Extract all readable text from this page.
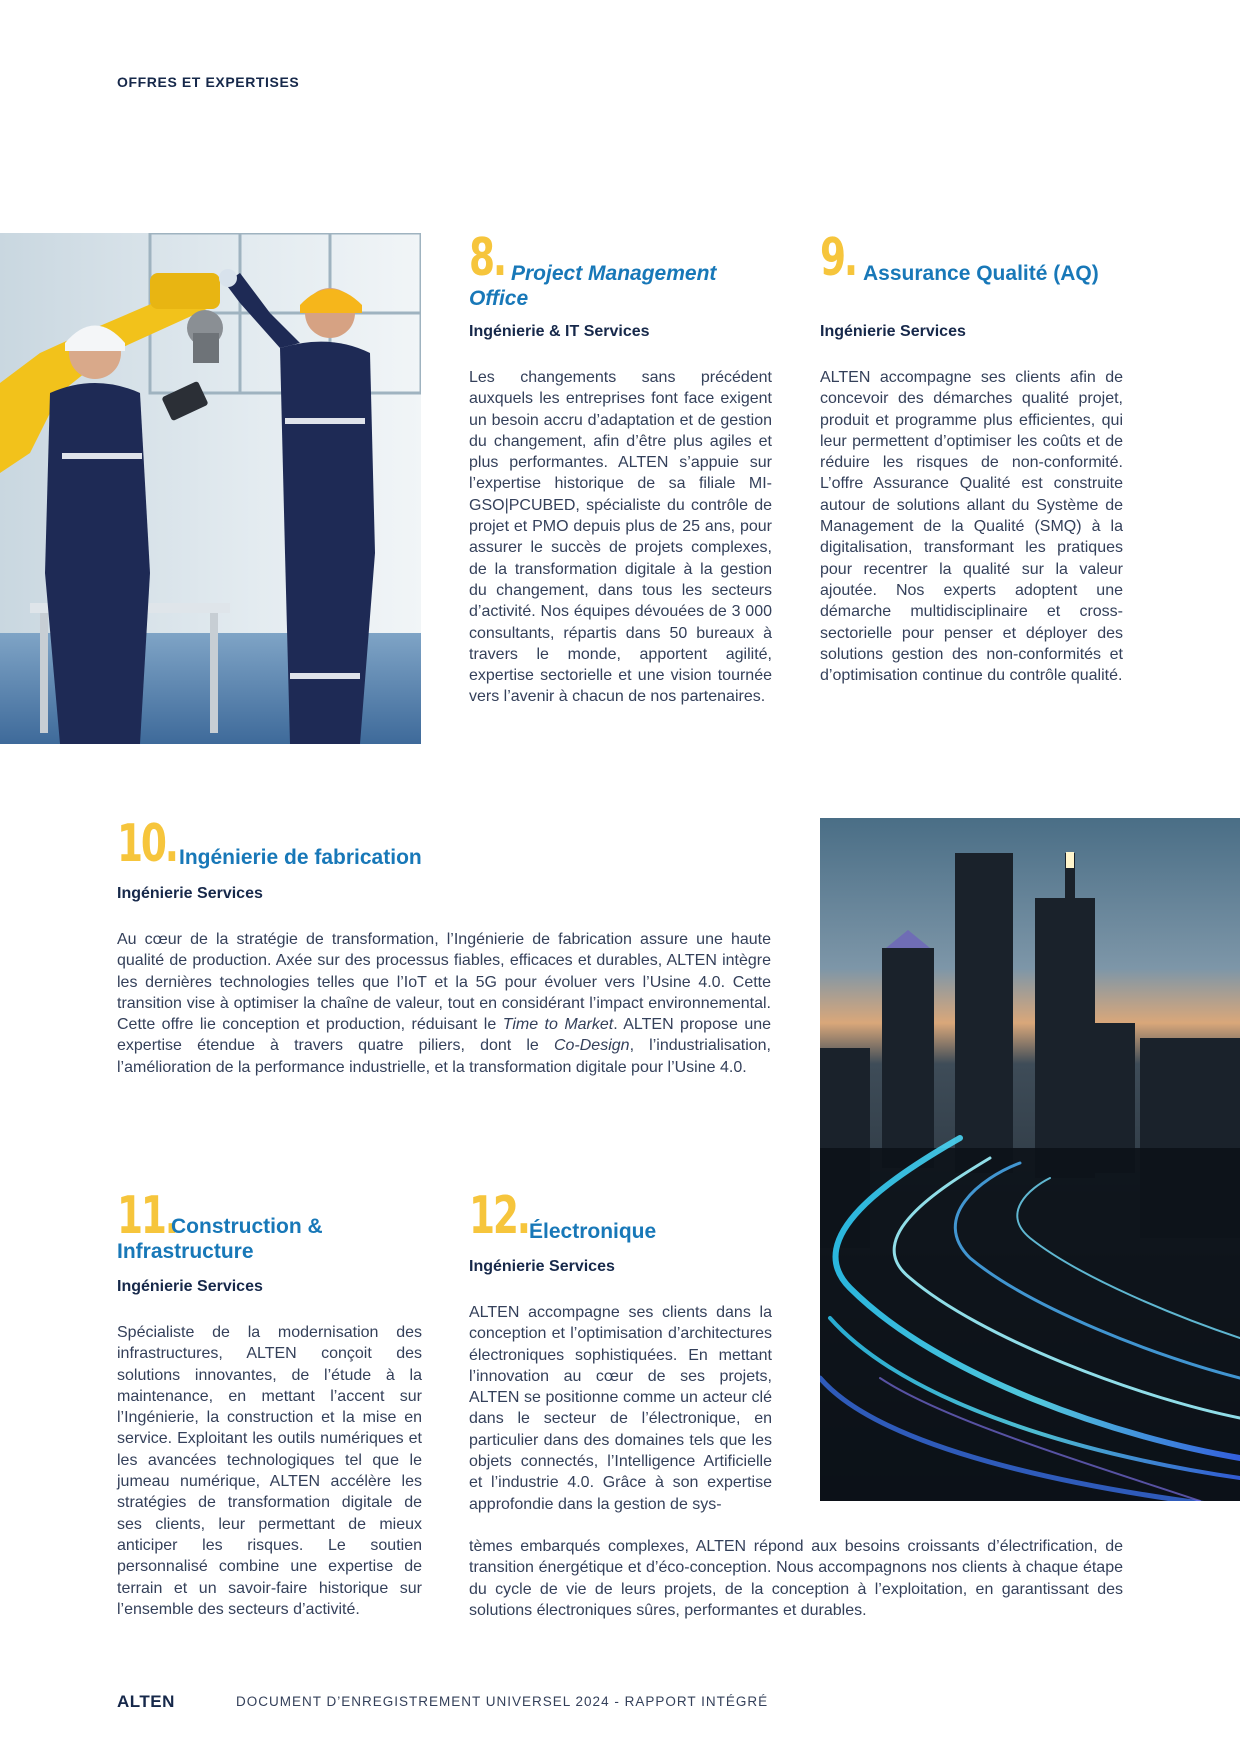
OFFRES ET EXPERTISES
8. Project Management Office
Ingénierie & IT Services
Les changements sans précédent auxquels les entreprises font face exigent un besoin accru d’adaptation et de gestion du changement, afin d’être plus agiles et plus performantes. ALTEN s’appuie sur l’expertise historique de sa filiale MI-GSO|PCUBED, spécialiste du contrôle de projet et PMO depuis plus de 25 ans, pour assurer le succès de projets complexes, de la transformation digitale à la gestion du changement, dans tous les secteurs d’activité. Nos équipes dévouées de 3 000 consultants, répartis dans 50 bureaux à travers le monde, apportent agilité, expertise sectorielle et une vision tournée vers l’avenir à chacun de nos partenaires.
9. Assurance Qualité (AQ)
Ingénierie Services
ALTEN accompagne ses clients afin de concevoir des démarches qualité projet, produit et programme plus efficientes, qui leur permettent d’optimiser les coûts et de réduire les risques de non-conformité. L’offre Assurance Qualité est construite autour de solutions allant du Système de Management de la Qualité (SMQ) à la digitalisation, transformant les pratiques pour recentrer la qualité sur la valeur ajoutée. Nos experts adoptent une démarche multidisciplinaire et cross-sectorielle pour penser et déployer des solutions gestion des non-conformités et d’optimisation continue du contrôle qualité.
10. Ingénierie de fabrication
Ingénierie Services
Au cœur de la stratégie de transformation, l’Ingénierie de fabrication assure une haute qualité de production. Axée sur des processus fiables, efficaces et durables, ALTEN intègre les dernières technologies telles que l’IoT et la 5G pour évoluer vers l’Usine 4.0. Cette transition vise à optimiser la chaîne de valeur, tout en considérant l’impact environnemental. Cette offre lie conception et production, réduisant le Time to Market. ALTEN propose une expertise étendue à travers quatre piliers, dont le Co-Design, l’industrialisation, l’amélioration de la performance industrielle, et la transformation digitale pour l’Usine 4.0.
11.
Construction & Infrastructure
Ingénierie Services
Spécialiste de la modernisation des infrastructures, ALTEN conçoit des solutions innovantes, de l’étude à la maintenance, en mettant l’accent sur l’Ingénierie, la construction et la mise en service. Exploitant les outils numériques et les avancées technologiques tel que le jumeau numérique, ALTEN accélère les stratégies de transformation digitale de ses clients, leur permettant de mieux anticiper les risques. Le soutien personnalisé combine une expertise de terrain et un savoir-faire historique sur l’ensemble des secteurs d’activité.
12. Électronique
Ingénierie Services
ALTEN accompagne ses clients dans la conception et l’optimisation d’architectures électroniques sophistiquées. En mettant l’innovation au cœur de ses projets, ALTEN se positionne comme un acteur clé dans le secteur de l’électronique, en particulier dans des domaines tels que les objets connectés, l’Intelligence Artificielle et l’industrie 4.0. Grâce à son expertise approfondie dans la gestion de sys-
tèmes embarqués complexes, ALTEN répond aux besoins croissants d’électrification, de transition énergétique et d’éco-conception. Nous accompagnons nos clients à chaque étape du cycle de vie de leurs projets, de la conception à l’exploitation, en garantissant des solutions électroniques sûres, performantes et durables.
ALTEN	DOCUMENT D’ENREGISTREMENT UNIVERSEL 2024 - RAPPORT INTÉGRÉ
